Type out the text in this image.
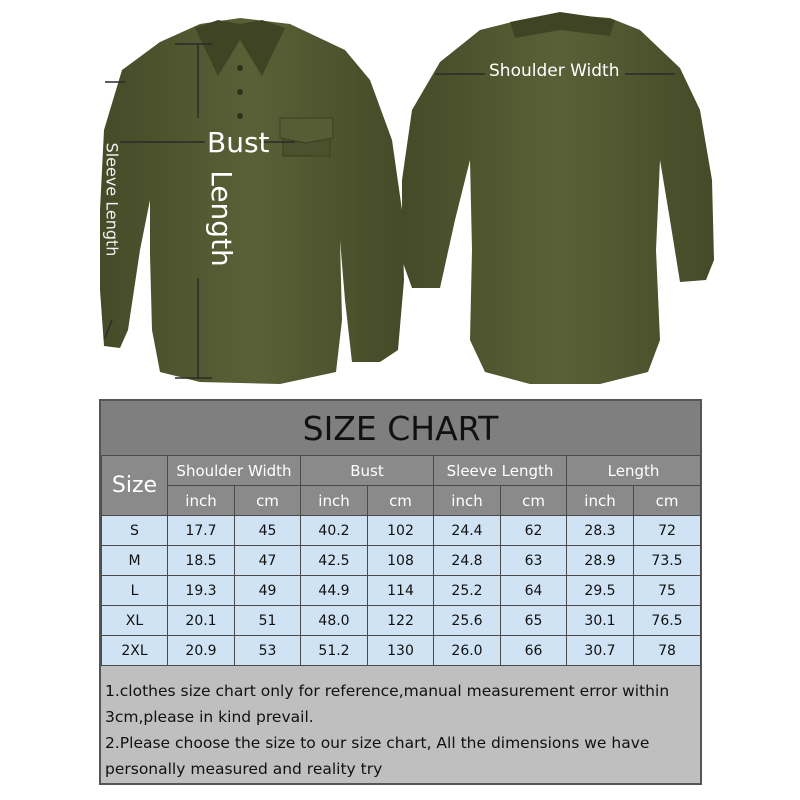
Bust
Length
Sleeve Length
Shoulder Width
SIZE CHART
Size	Shoulder Width		Bust		Sleeve Length		Length	
	inch	cm	inch	cm	inch	cm	inch	cm
S	17.7	45	40.2	102	24.4	62	28.3	72
M	18.5	47	42.5	108	24.8	63	28.9	73.5
L	19.3	49	44.9	114	25.2	64	29.5	75
XL	20.1	51	48.0	122	25.6	65	30.1	76.5
2XL	20.9	53	51.2	130	26.0	66	30.7	78
1.clothes size chart only for reference,manual measurement error within 3cm,please in kind prevail.
2.Please choose the size to our size chart, All the dimensions we have personally measured and reality try
